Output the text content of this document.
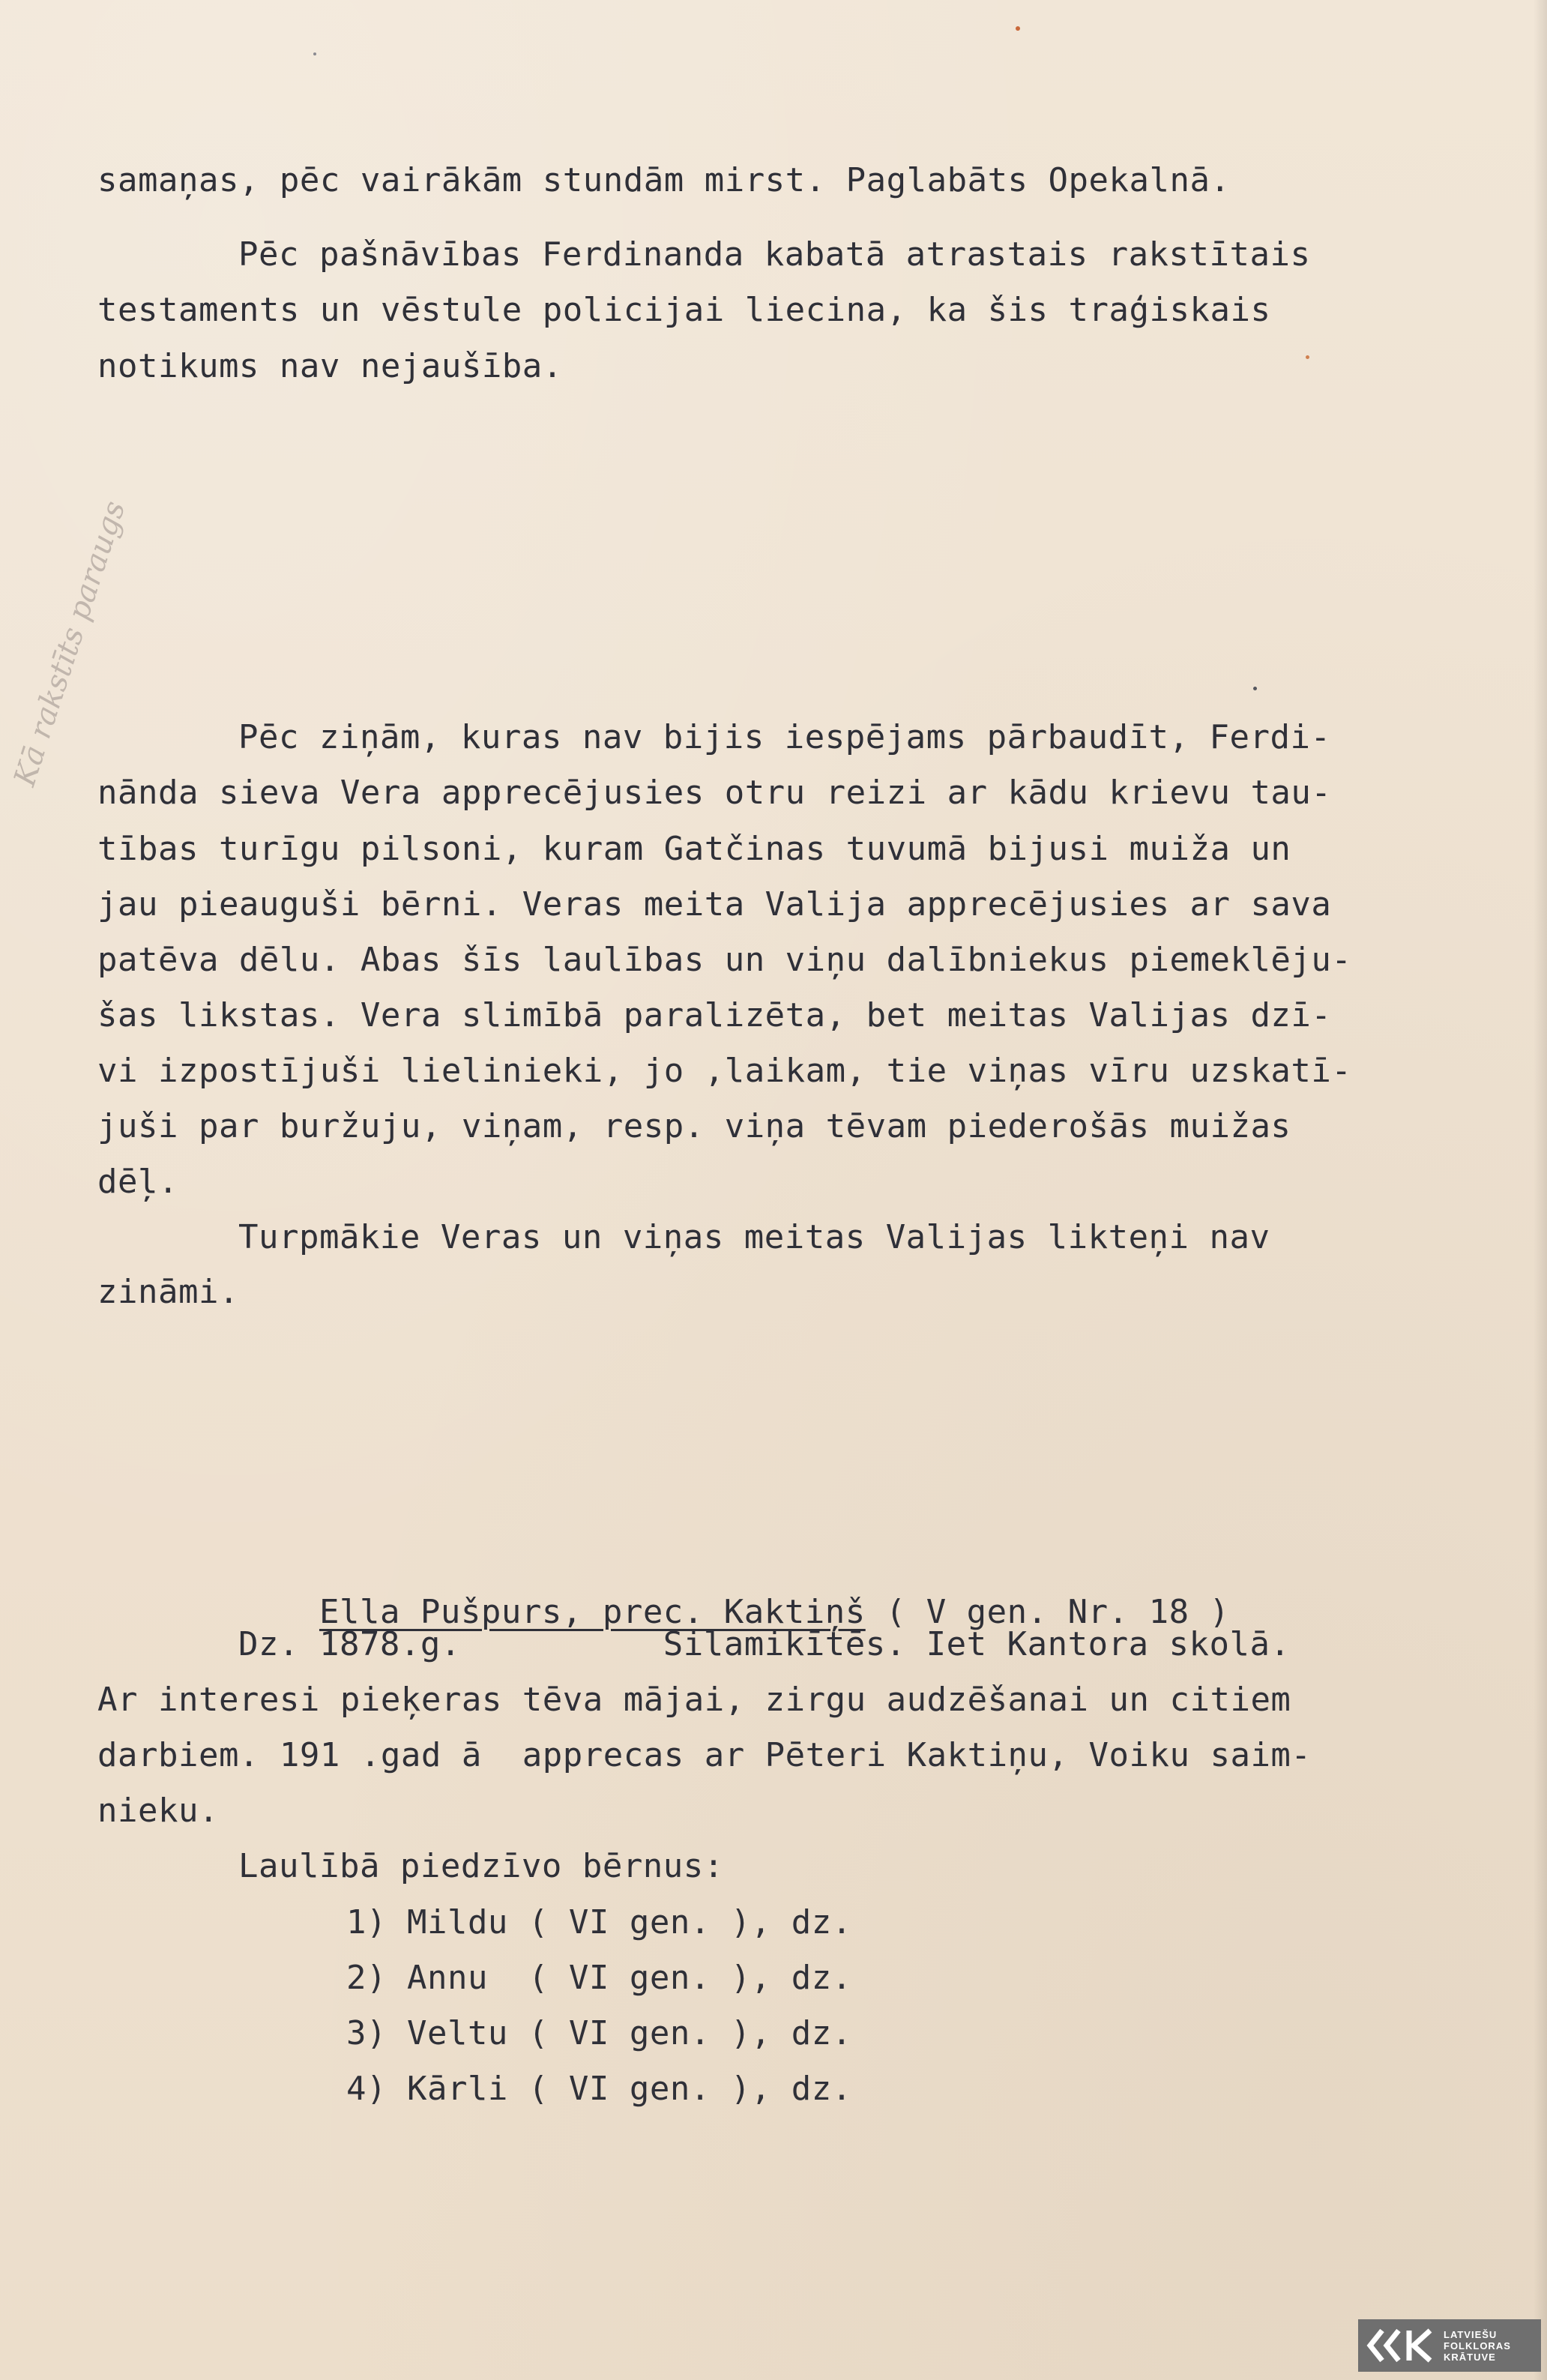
Kā rakstīts paraugs
samaņas, pēc vairākām stundām mirst. Paglabāts Opekalnā.
Pēc pašnāvības Ferdinanda kabatā atrastais rakstītais
testaments un vēstule policijai liecina, ka šis traģiskais
notikums nav nejaušība.
Pēc ziņām, kuras nav bijis iespējams pārbaudīt, Ferdi-
nānda sieva Vera apprecējusies otru reizi ar kādu krievu tau-
tības turīgu pilsoni, kuram Gatčinas tuvumā bijusi muiža un
jau pieauguši bērni. Veras meita Valija apprecējusies ar sava
patēva dēlu. Abas šīs laulības un viņu dalībniekus piemeklēju-
šas likstas. Vera slimībā paralizēta, bet meitas Valijas dzī-
vi izpostījuši lielinieki, jo ,laikam, tie viņas vīru uzskatī-
juši par buržuju, viņam, resp. viņa tēvam piederošās muižas
dēļ.
Turpmākie Veras un viņas meitas Valijas likteņi nav
zināmi.

Ella Pušpurs, prec. Kaktiņš ( V gen. Nr. 18 )

Dz. 1878.g.          Silamikītēs. Iet Kantora skolā.
Ar interesi pieķeras tēva mājai, zirgu audzēšanai un citiem
darbiem. 191 .gad ā  apprecas ar Pēteri Kaktiņu, Voiku saim-
nieku.
Laulībā piedzīvo bērnus:
1) Mildu ( VI gen. ), dz.
2) Annu  ( VI gen. ), dz.
3) Veltu ( VI gen. ), dz.
4) Kārli ( VI gen. ), dz.
LATVIEŠU
FOLKLORAS
KRĀTUVE
